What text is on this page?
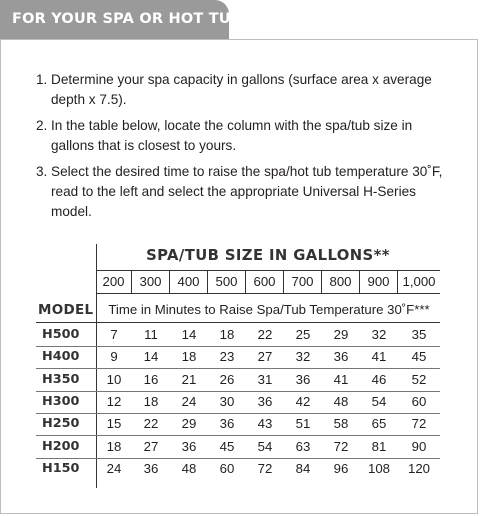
FOR YOUR SPA OR HOT TUB
1. Determine your spa capacity in gallons (surface area x average depth x 7.5).
2. In the table below, locate the column with the spa/tub size in gallons that is closest to yours.
3. Select the desired time to raise the spa/hot tub temperature 30˚F, read to the left and select the appropriate Universal H-Series model.
SPA/TUB SIZE IN GALLONS**
200	300	400	500	600	700	800	900 1,000
MODEL	Time in Minutes to Raise Spa/Tub Temperature 30˚F***
H500	7	11	14	18	22	25	29	32	35
H400	9	14	18	23	27	32	36	41	45
H350	10	16	21	26	31	36	41	46	52
H300	12	18	24	30	36	42	48	54	60
H250	15	22	29	36	43	51	58	65	72
H200	18	27	36	45	54	63	72	81	90
H150	24	36	48	60	72	84	96	108	120
